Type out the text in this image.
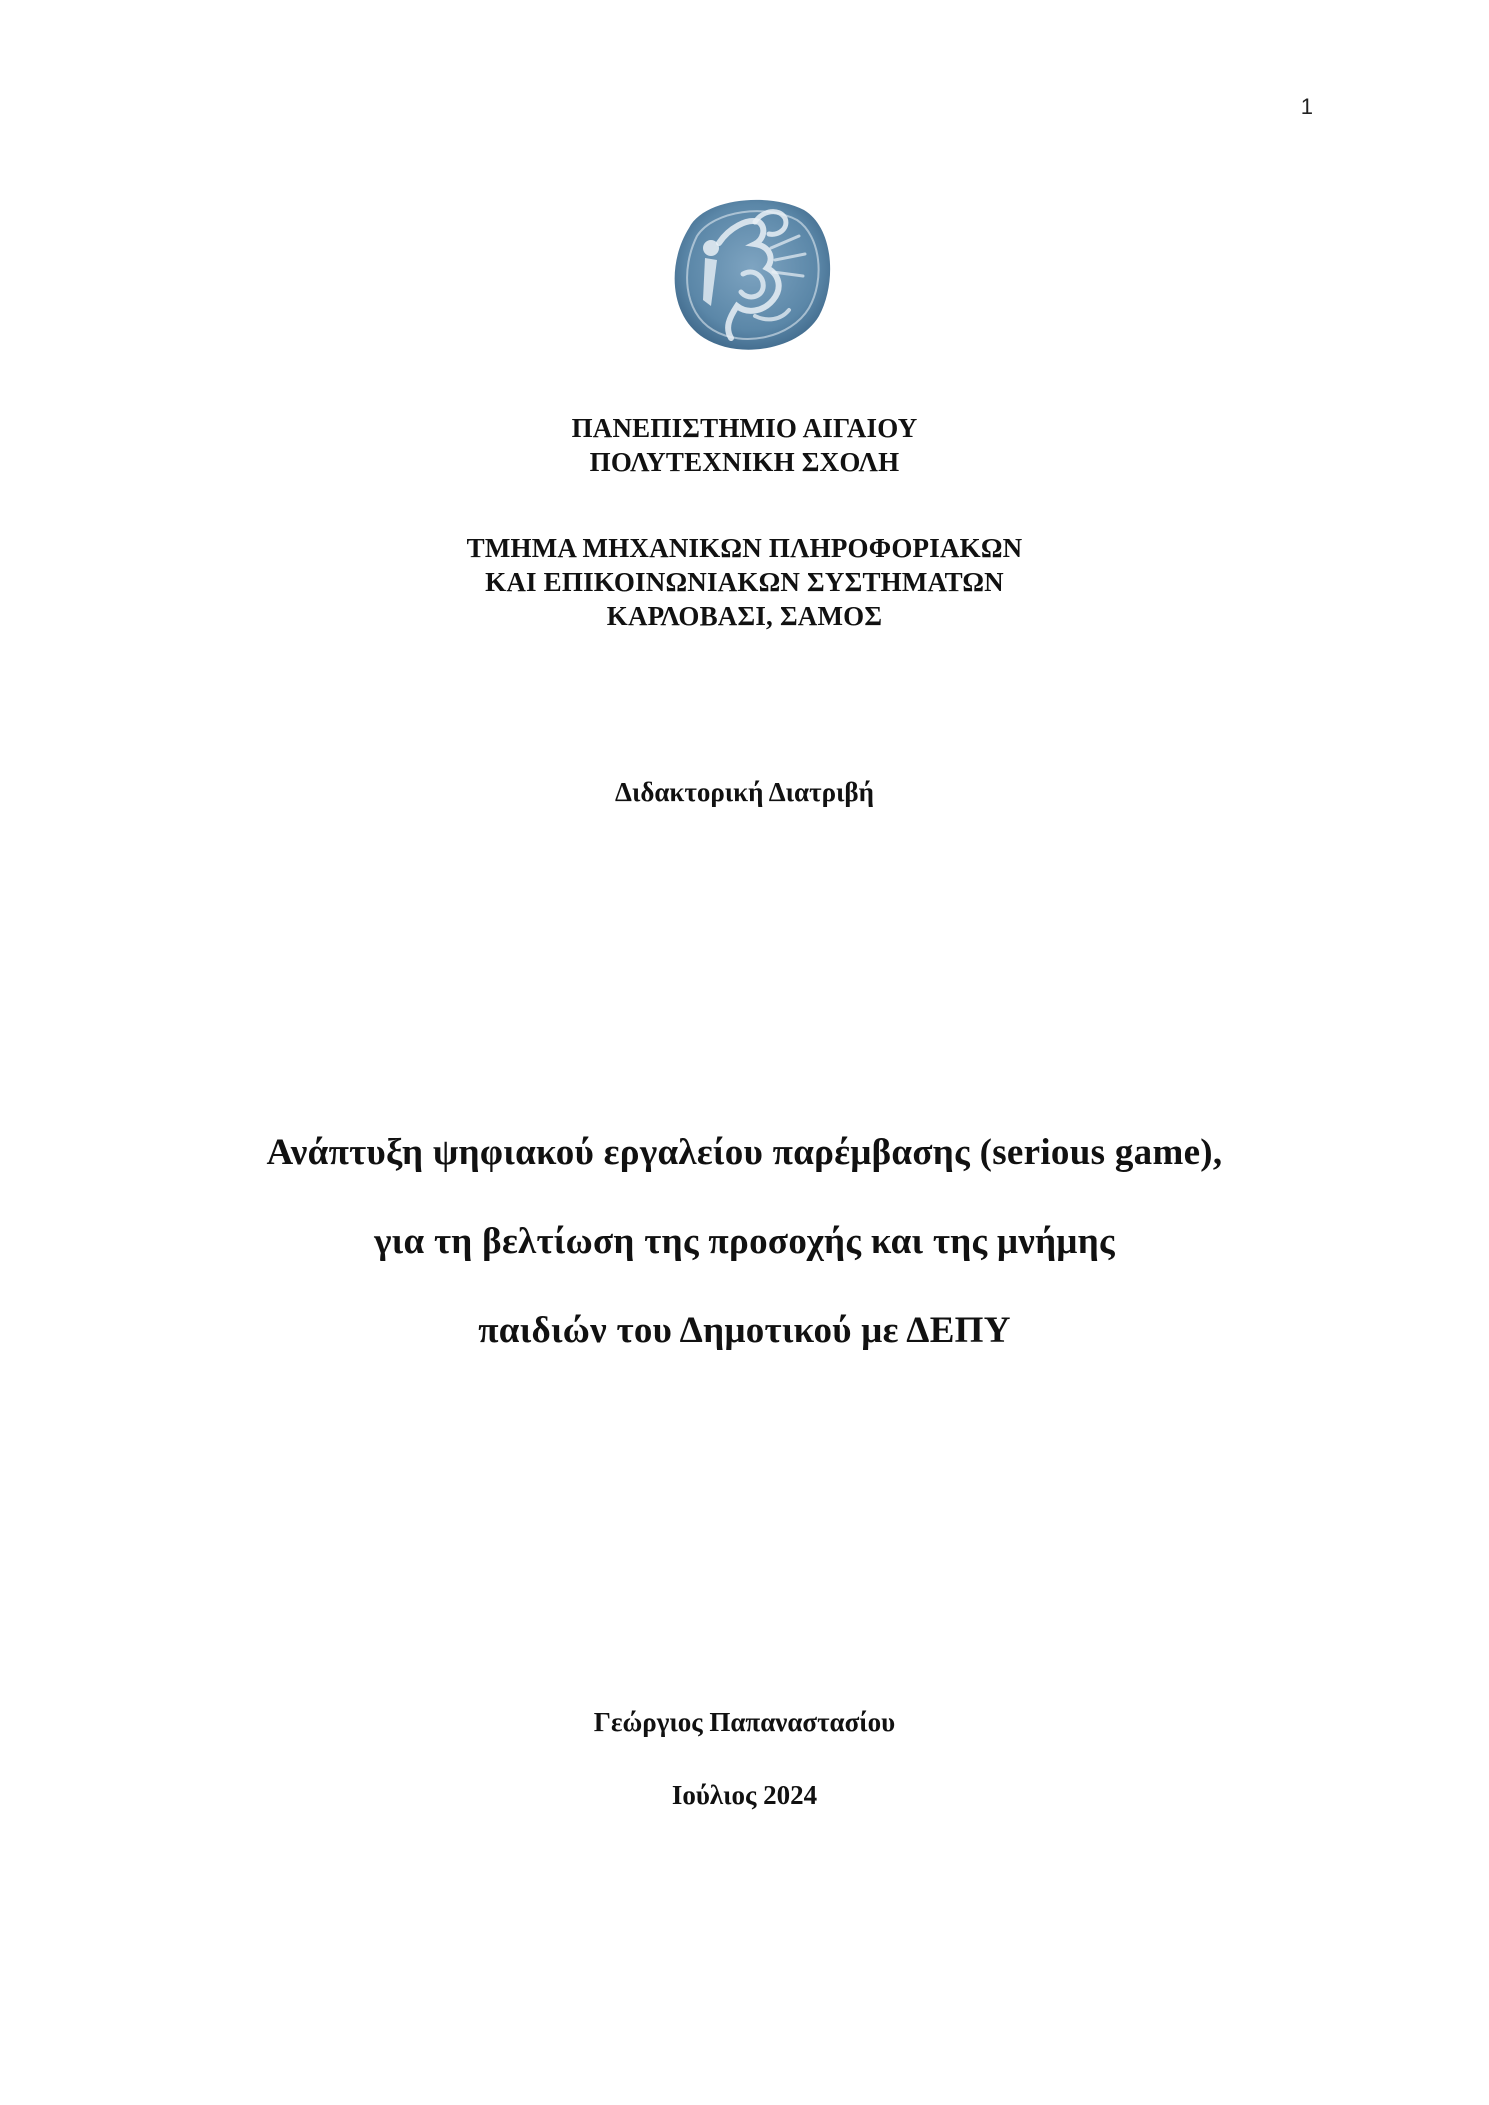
1
ΠΑΝΕΠΙΣΤΗΜΙΟ ΑΙΓΑΙΟΥ
ΠΟΛΥΤΕΧΝΙΚΗ ΣΧΟΛΗ
ΤΜΗΜΑ ΜΗΧΑΝΙΚΩΝ ΠΛΗΡΟΦΟΡΙΑΚΩΝ
ΚΑΙ ΕΠΙΚΟΙΝΩΝΙΑΚΩΝ ΣΥΣΤΗΜΑΤΩΝ
ΚΑΡΛΟΒΑΣΙ, ΣΑΜΟΣ
Διδακτορική Διατριβή
Ανάπτυξη ψηφιακού εργαλείου παρέμβασης (serious game),
για τη βελτίωση της προσοχής και της μνήμης
παιδιών του Δημοτικού με ΔΕΠΥ
Γεώργιος Παπαναστασίου
Ιούλιος 2024
